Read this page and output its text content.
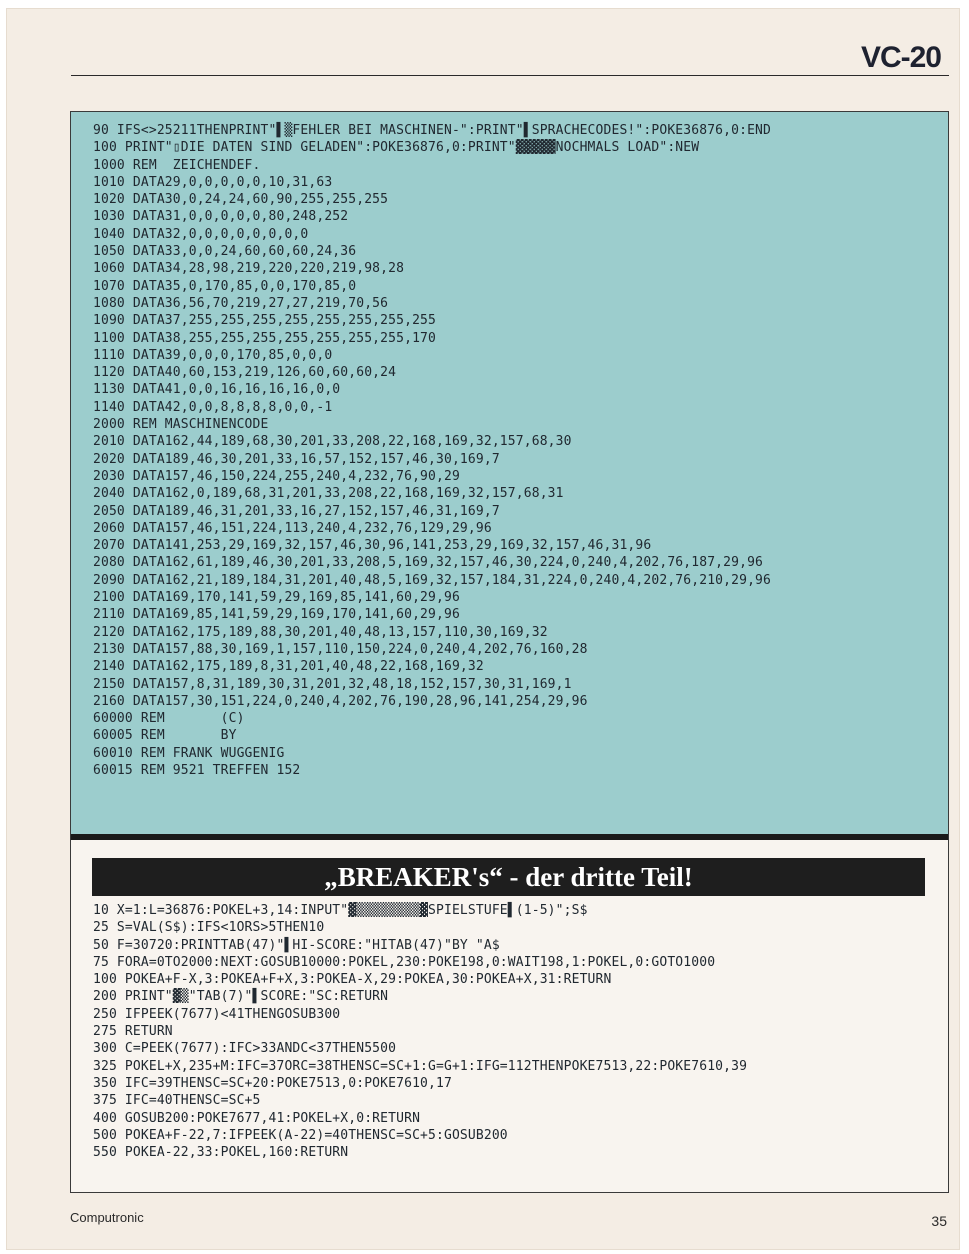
VC-20
90 IFS<>25211THENPRINT"▌▒FEHLER BEI MASCHINEN-":PRINT"▌SPRACHECODES!":POKE36876,0:END
100 PRINT"▯DIE DATEN SIND GELADEN":POKE36876,0:PRINT"▓▓▓▓▓NOCHMALS LOAD":NEW
1000 REM  ZEICHENDEF.
1010 DATA29,0,0,0,0,0,10,31,63
1020 DATA30,0,24,24,60,90,255,255,255
1030 DATA31,0,0,0,0,0,80,248,252
1040 DATA32,0,0,0,0,0,0,0,0
1050 DATA33,0,0,24,60,60,60,24,36
1060 DATA34,28,98,219,220,220,219,98,28
1070 DATA35,0,170,85,0,0,170,85,0
1080 DATA36,56,70,219,27,27,219,70,56
1090 DATA37,255,255,255,255,255,255,255,255
1100 DATA38,255,255,255,255,255,255,255,170
1110 DATA39,0,0,0,170,85,0,0,0
1120 DATA40,60,153,219,126,60,60,60,24
1130 DATA41,0,0,16,16,16,16,0,0
1140 DATA42,0,0,8,8,8,8,0,0,-1
2000 REM MASCHINENCODE
2010 DATA162,44,189,68,30,201,33,208,22,168,169,32,157,68,30
2020 DATA189,46,30,201,33,16,57,152,157,46,30,169,7
2030 DATA157,46,150,224,255,240,4,232,76,90,29
2040 DATA162,0,189,68,31,201,33,208,22,168,169,32,157,68,31
2050 DATA189,46,31,201,33,16,27,152,157,46,31,169,7
2060 DATA157,46,151,224,113,240,4,232,76,129,29,96
2070 DATA141,253,29,169,32,157,46,30,96,141,253,29,169,32,157,46,31,96
2080 DATA162,61,189,46,30,201,33,208,5,169,32,157,46,30,224,0,240,4,202,76,187,29,96
2090 DATA162,21,189,184,31,201,40,48,5,169,32,157,184,31,224,0,240,4,202,76,210,29,96
2100 DATA169,170,141,59,29,169,85,141,60,29,96
2110 DATA169,85,141,59,29,169,170,141,60,29,96
2120 DATA162,175,189,88,30,201,40,48,13,157,110,30,169,32
2130 DATA157,88,30,169,1,157,110,150,224,0,240,4,202,76,160,28
2140 DATA162,175,189,8,31,201,40,48,22,168,169,32
2150 DATA157,8,31,189,30,31,201,32,48,18,152,157,30,31,169,1
2160 DATA157,30,151,224,0,240,4,202,76,190,28,96,141,254,29,96
60000 REM       (C)
60005 REM       BY
60010 REM FRANK WUGGENIG
60015 REM 9521 TREFFEN 152
„BREAKER's“ - der dritte Teil!
10 X=1:L=36876:POKEL+3,14:INPUT"▓▒▒▒▒▒▒▒▒▓SPIELSTUFE▌(1-5)";S$
25 S=VAL(S$):IFS<1ORS>5THEN10
50 F=30720:PRINTTAB(47)"▌HI-SCORE:"HITAB(47)"BY "A$
75 FORA=0TO2000:NEXT:GOSUB10000:POKEL,230:POKE198,0:WAIT198,1:POKEL,0:GOTO1000
100 POKEA+F-X,3:POKEA+F+X,3:POKEA-X,29:POKEA,30:POKEA+X,31:RETURN
200 PRINT"▓▒"TAB(7)"▌SCORE:"SC:RETURN
250 IFPEEK(7677)<41THENGOSUB300
275 RETURN
300 C=PEEK(7677):IFC>33ANDC<37THEN5500
325 POKEL+X,235+M:IFC=37ORC=38THENSC=SC+1:G=G+1:IFG=112THENPOKE7513,22:POKE7610,39
350 IFC=39THENSC=SC+20:POKE7513,0:POKE7610,17
375 IFC=40THENSC=SC+5
400 GOSUB200:POKE7677,41:POKEL+X,0:RETURN
500 POKEA+F-22,7:IFPEEK(A-22)=40THENSC=SC+5:GOSUB200
550 POKEA-22,33:POKEL,160:RETURN
Computronic	35
